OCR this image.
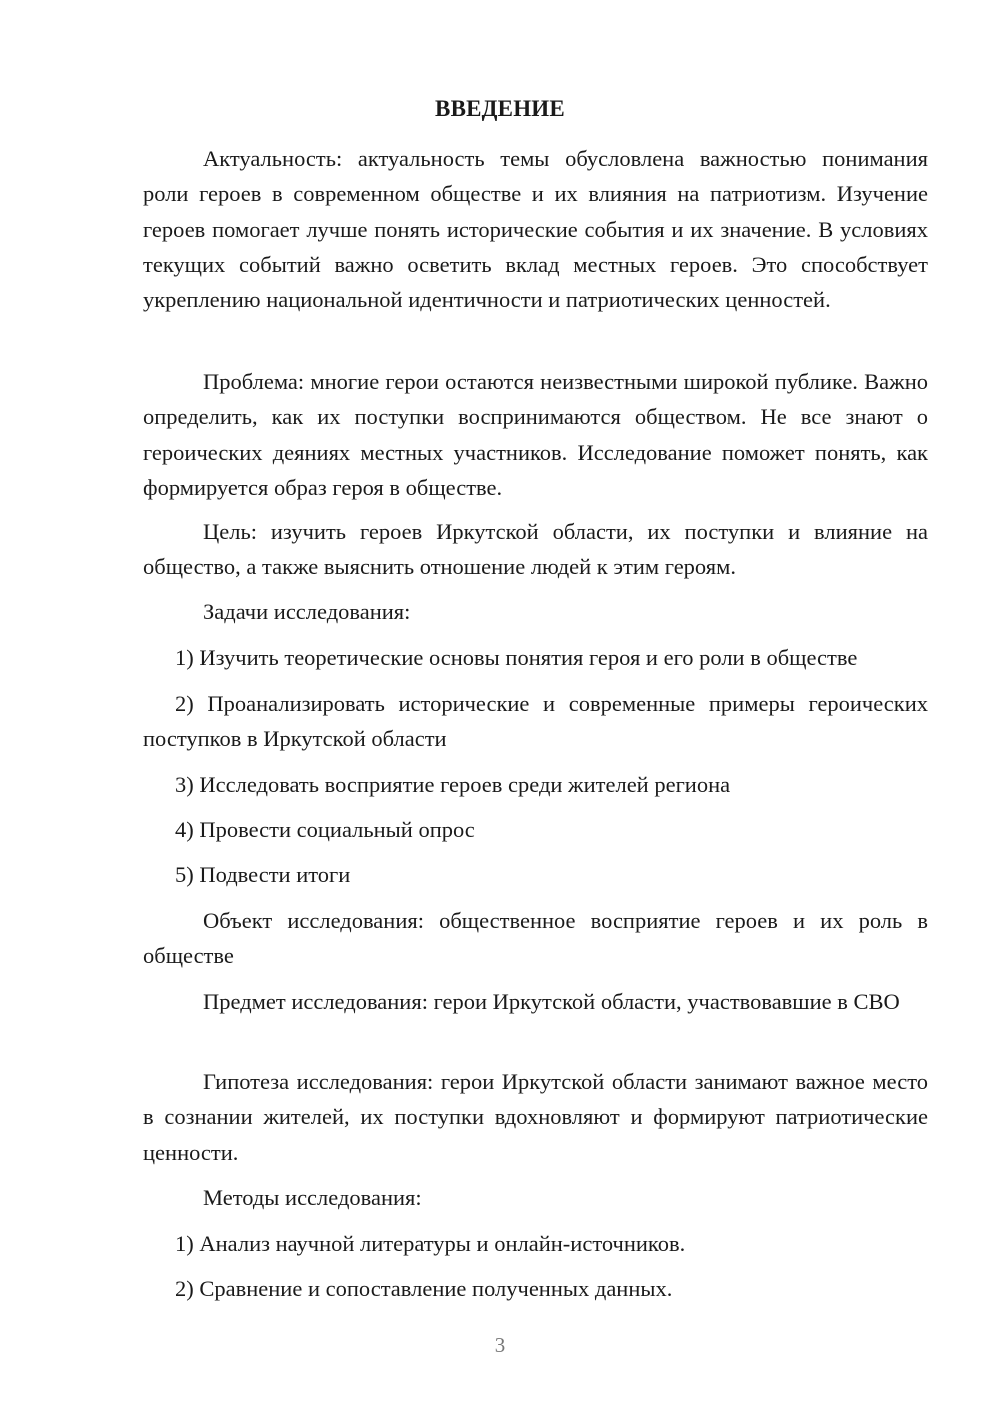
ВВЕДЕНИЕ

Актуальность: актуальность темы обусловлена важностью понимания роли героев в современном обществе и их влияния на патриотизм. Изучение героев помогает лучше понять исторические события и их значение. В условиях текущих событий важно осветить вклад местных героев. Это способствует укреплению национальной идентичности и патриотических ценностей.

Проблема: многие герои остаются неизвестными широкой публике. Важно определить, как их поступки воспринимаются обществом. Не все знают о героических деяниях местных участников. Исследование поможет понять, как формируется образ героя в обществе.

Цель: изучить героев Иркутской области, их поступки и влияние на общество, а также выяснить отношение людей к этим героям.

Задачи исследования:

1) Изучить теоретические основы понятия героя и его роли в обществе

2) Проанализировать исторические и современные примеры героических поступков в Иркутской области

3) Исследовать восприятие героев среди жителей региона

4) Провести социальный опрос

5) Подвести итоги

Объект исследования: общественное восприятие героев и их роль в обществе

Предмет исследования: герои Иркутской области, участвовавшие в СВО

Гипотеза исследования: герои Иркутской области занимают важное место в сознании жителей, их поступки вдохновляют и формируют патриотические ценности.

Методы исследования:

1) Анализ научной литературы и онлайн-источников.

2) Сравнение и сопоставление полученных данных.

3
